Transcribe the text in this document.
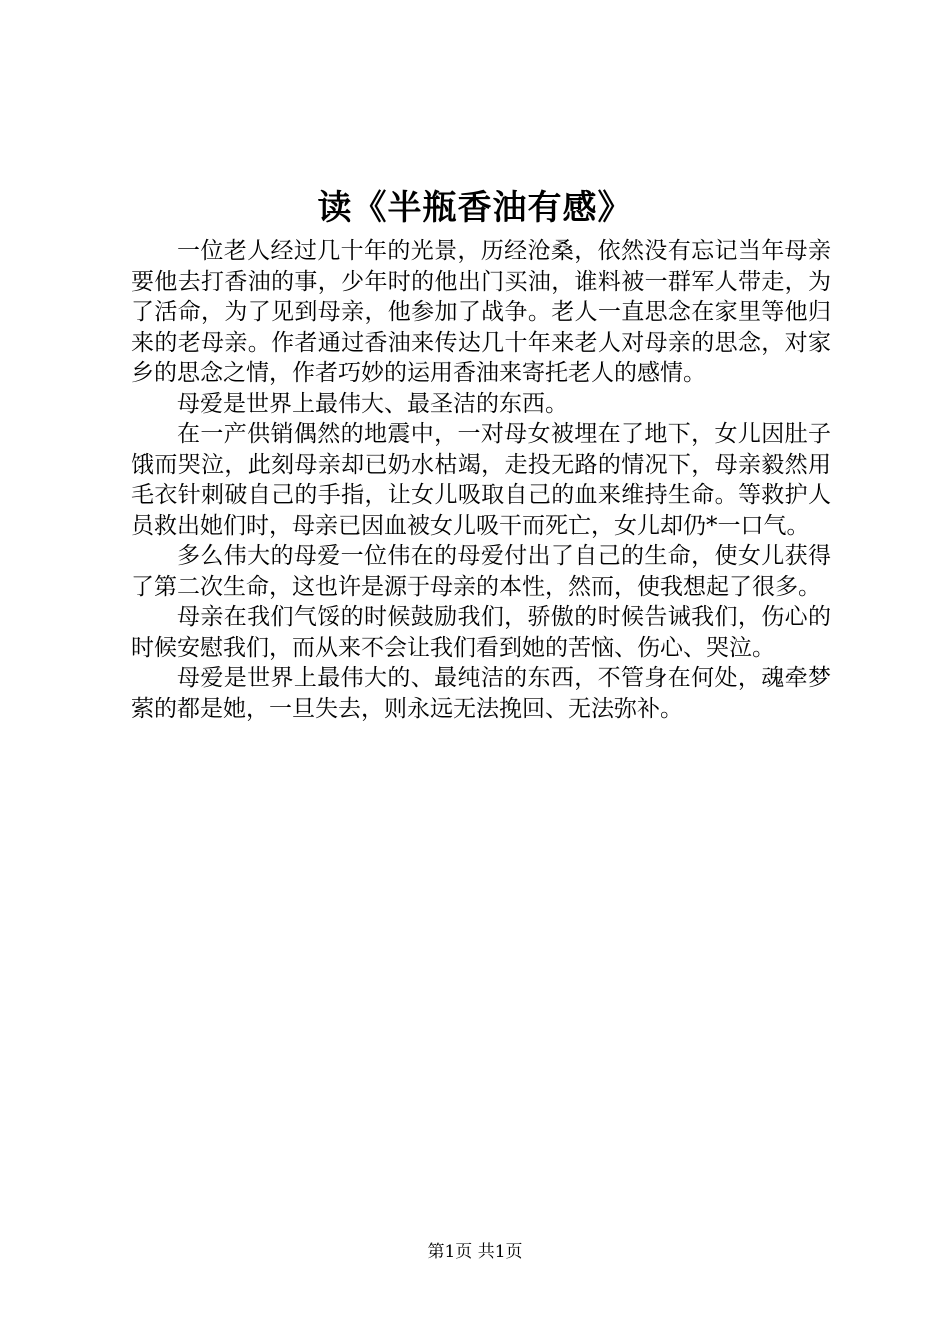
读《半瓶香油有感》

一位老人经过几十年的光景，历经沧桑，依然没有忘记当年母亲要他去打香油的事，少年时的他出门买油，谁料被一群军人带走，为了活命，为了见到母亲，他参加了战争。老人一直思念在家里等他归来的老母亲。作者通过香油来传达几十年来老人对母亲的思念，对家乡的思念之情，作者巧妙的运用香油来寄托老人的感情。

母爱是世界上最伟大、最圣洁的东西。

在一产供销偶然的地震中，一对母女被埋在了地下，女儿因肚子饿而哭泣，此刻母亲却已奶水枯竭，走投无路的情况下，母亲毅然用毛衣针刺破自己的手指，让女儿吸取自己的血来维持生命。等救护人员救出她们时，母亲已因血被女儿吸干而死亡，女儿却仍*一口气。

多么伟大的母爱一位伟在的母爱付出了自己的生命，使女儿获得了第二次生命，这也许是源于母亲的本性，然而，使我想起了很多。

母亲在我们气馁的时候鼓励我们，骄傲的时候告诫我们，伤心的时候安慰我们，而从来不会让我们看到她的苦恼、伤心、哭泣。

母爱是世界上最伟大的、最纯洁的东西，不管身在何处，魂牵梦萦的都是她，一旦失去，则永远无法挽回、无法弥补。

第1页 共1页
